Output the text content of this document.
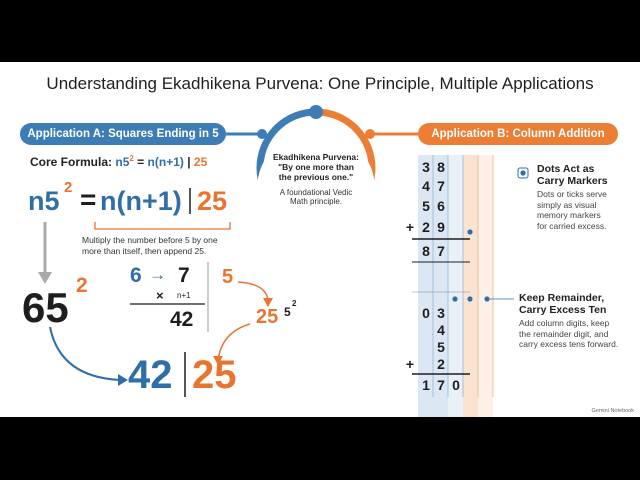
Understanding Ekadhikena Purvena: One Principle, Multiple Applications
Ekadhikena Purvena:
"By one more than
the previous one."
A foundational Vedic
Math principle.
Application A: Squares Ending in 5
Core Formula: $n5^2 = n(n+1)$ | 25
n5 2 = n(n+1) 25
Multiply the number before 5 by one
more than itself, then append 25.
65 2 6 → 7
× n+1
42
5
25 5
2
42 25
Application B: Column Addition
3 8
4 7
5 6
+ 2 9
8 7
0 3
4
5
+ 2
1 7 0
Dots Act as
Carry Markers
Dots or ticks serve
simply as visual
memory markers
for carried excess.
Keep Remainder,
Carry Excess Ten
Add column digits, keep
the remainder digit, and
carry excess tens forward.
Gemini Notebook
